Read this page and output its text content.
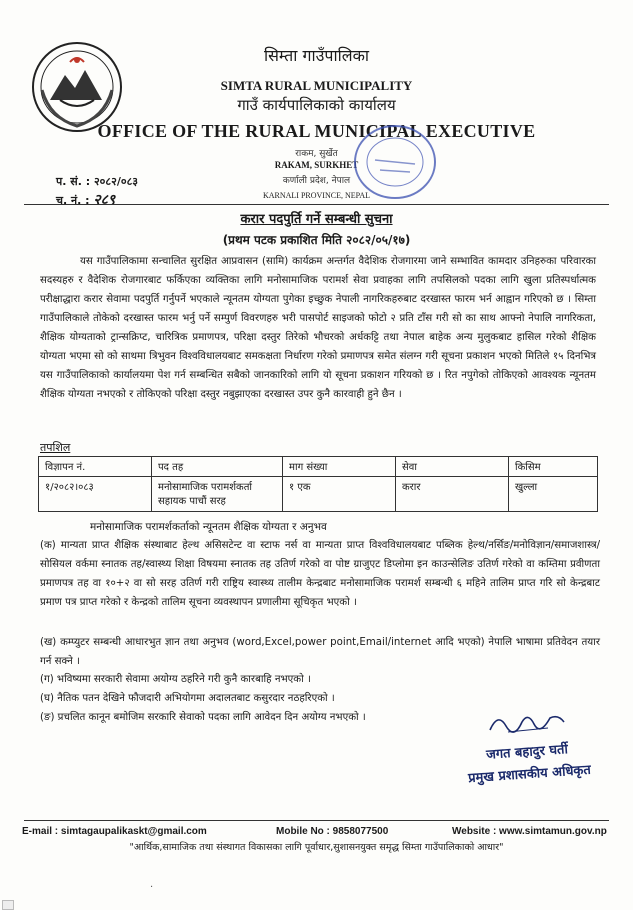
सिम्ता गाउँपालिका
SIMTA RURAL MUNICIPALITY
गाउँ कार्यपालिकाको कार्यालय
OFFICE OF THE RURAL MUNICIPAL EXECUTIVE
राकम, सुर्खेत
RAKAM, SURKHET
कर्णाली प्रदेश, नेपाल
KARNALI PROVINCE, NEPAL
प. सं. : २०८२/०८३
च. नं. : २८९
करार पदपुर्ति गर्ने सम्बन्धी सुचना
(प्रथम पटक प्रकाशित मिति २०८२/०५/१७)
यस गाउँपालिकामा सन्चालित सुरक्षित आप्रवासन (सामि) कार्यक्रम अन्तर्गत वैदेशिक रोजगारमा जाने सम्भावित कामदार उनिहरुका परिवारका सदस्यहरु र वैदेशिक रोजगारबाट फर्किएका व्यक्तिका लागि मनोसामाजिक परामर्श सेवा प्रवाहका लागि तपसिलको पदका लागि खुला प्रतिस्पर्धात्मक परीक्षाद्धारा करार सेवामा पदपुर्ति गर्नुपर्ने भएकाले न्यूनतम योग्यता पुगेका इच्छुक नेपाली नागरिकहरुबाट दरखास्त फारम भर्न आह्वान गरिएको छ । सिम्ता गाउँपालिकाले तोकेको दरखास्त फारम भर्नु पर्ने सम्पुर्ण विवरणहरु भरी पासपोर्ट साइजको फोटो २ प्रति टाँस गरी सो का साथ आफ्नो नेपालि नागरिकता, शैक्षिक योग्यताको ट्रान्सक्रिप्ट, चारित्रिक प्रमाणपत्र, परिक्षा दस्तुर तिरेको भौचरको अर्धकट्टि तथा नेपाल बाहेक अन्य मुलुकबाट हासिल गरेको शैक्षिक योग्यता भएमा सो को साथमा त्रिभुवन विश्वविधालयबाट समकक्षता निर्धारण गरेको प्रमाणपत्र समेत संलग्न गरी सूचना प्रकाशन भएको मितिले १५ दिनभित्र यस गाउँपालिकाको कार्यालयमा पेश गर्न सम्बन्धित सबैको जानकारिको लागि यो सूचना प्रकाशन गरियको छ । रित नपुगेको तोकिएको आवश्यक न्यूनतम शैक्षिक योग्यता नभएको र तोकिएको परिक्षा दस्तुर नबुझाएका दरखास्त उपर कुनै कारवाही हुने छैन ।
तपशिल
विज्ञापन नं.	पद तह	माग संख्या	सेवा	किसिम
१/२०८२।०८३	मनोसामाजिक परामर्शकर्ता सहायक पाचौं सरह	१ एक	करार	खुल्ला
मनोसामाजिक परामर्शकर्ताको न्यूनतम शैक्षिक योग्यता र अनुभव
(क) मान्यता प्राप्त शैक्षिक संस्थाबाट हेल्थ असिसटेन्ट वा स्टाफ नर्स वा मान्यता प्राप्त विश्वविधालयबाट पब्लिक हेल्थ/नर्सिङ/मनोविज्ञान/समाजशास्त्र/सोसियल वर्कमा स्नातक तह/स्वास्थ्य शिक्षा विषयमा स्नातक तह उतिर्ण गरेको वा पोष्ट ग्राजुएट डिप्लोमा इन काउन्सेलिङ उतिर्ण गरेको वा कम्तिमा प्रवीणता प्रमाणपत्र तह वा १०+२ वा सो सरह उतिर्ण गरी राष्ट्रिय स्वास्थ्य तालीम केन्द्रबाट मनोसामाजिक परामर्श सम्बन्धी ६ महिने तालिम प्राप्त गरि सो केन्द्रबाट प्रमाण पत्र प्राप्त गरेको र केन्द्रको तालिम सूचना व्यवस्थापन प्रणालीमा सूचिकृत भएको ।
(ख) कम्प्युटर सम्बन्धी आधारभुत ज्ञान तथा अनुभव (word,Excel,power point,Email/internet आदि भएको) नेपालि भाषामा प्रतिवेदन तयार गर्न सक्ने ।
(ग) भविष्यमा सरकारी सेवामा अयोग्य ठहरिने गरी कुनै कारबाहि नभएको ।
(घ) नैतिक पतन देखिने फौजदारी अभियोगमा अदालतबाट कसुरदार नठहरिएको ।
(ङ) प्रचलित कानून बमोजिम सरकारि सेवाको पदका लागि आवेदन दिन अयोग्य नभएको ।
जगत बहादुर घर्ती
प्रमुख प्रशासकीय अधिकृत
E-mail : simtagaupalikaskt@gmail.com	Mobile No : 9858077500	Website : www.simtamun.gov.np
"आर्थिक,सामाजिक तथा संस्थागत विकासका लागि पूर्वाधार,सुशासनयुक्त समृद्ध सिम्ता गाउँपालिकाको आधार"
·
